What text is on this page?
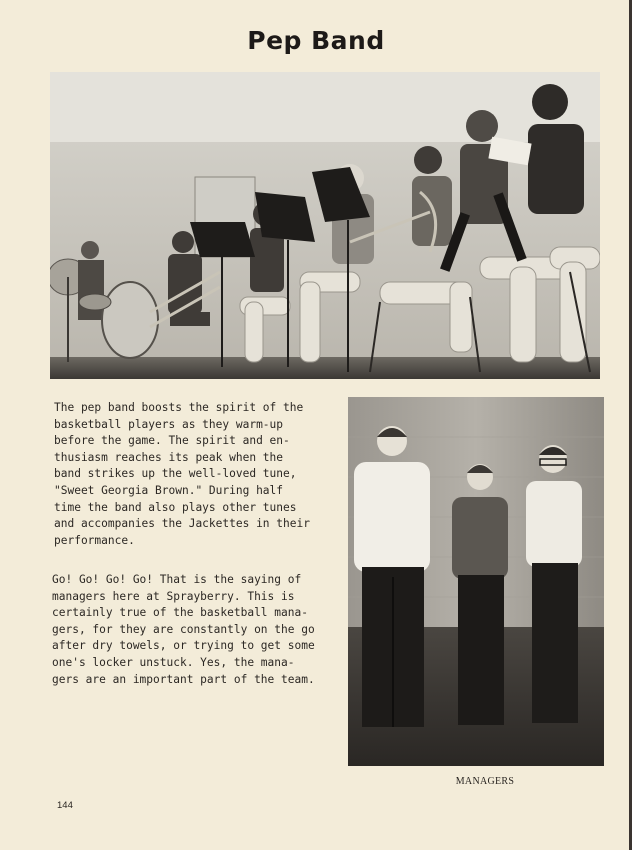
Pep Band
The pep band boosts the spirit of the
basketball players as they warm-up
before the game. The spirit and en-
thusiasm reaches its peak when the
band strikes up the well-loved tune,
"Sweet Georgia Brown." During half
time the band also plays other tunes
and accompanies the Jackettes in their
performance.
Go! Go! Go! Go! That is the saying of
managers here at Sprayberry. This is
certainly true of the basketball mana-
gers, for they are constantly on the go
after dry towels, or trying to get some
one's locker unstuck. Yes, the mana-
gers are an important part of the team.
MANAGERS
144
